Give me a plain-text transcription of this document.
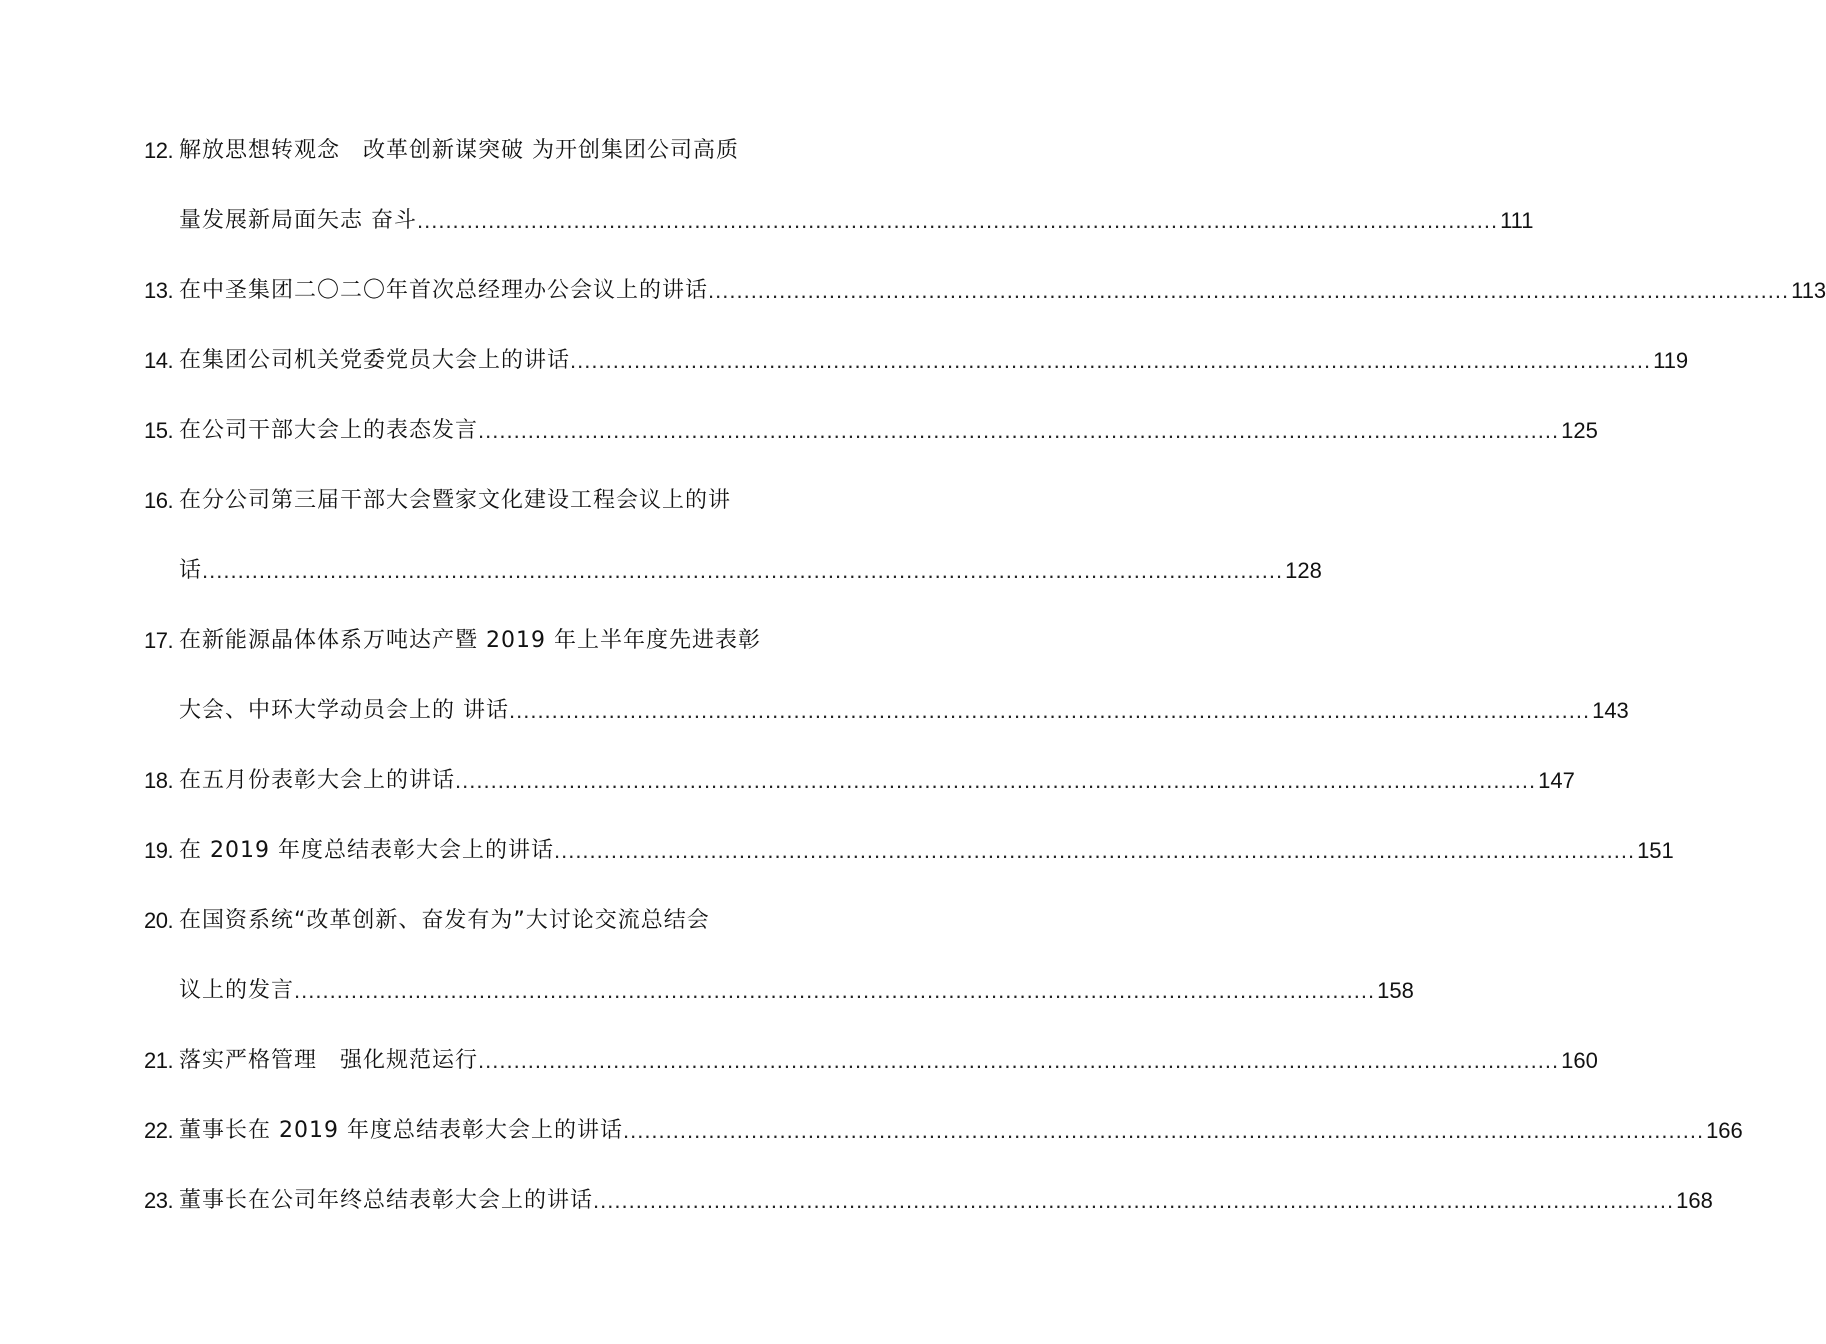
12. 解放思想转观念　改革创新谋突破 为开创集团公司高质
量发展新局面矢志 奋斗 .....	111
13. 在中圣集团二〇二〇年首次总经理办公会议上的讲话 .....	113
14. 在集团公司机关党委党员大会上的讲话 .....	119
15. 在公司干部大会上的表态发言 .....	125
16. 在分公司第三届干部大会暨家文化建设工程会议上的讲
话 .....	128
17. 在新能源晶体体系万吨达产暨 2019 年上半年度先进表彰
大会、中环大学动员会上的 讲话 .....	143
18. 在五月份表彰大会上的讲话 .....	147
19. 在 2019 年度总结表彰大会上的讲话 .....	151
20. 在国资系统“改革创新、奋发有为”大讨论交流总结会
议上的发言 .....	158
21. 落实严格管理　强化规范运行 .....	160
22. 董事长在 2019 年度总结表彰大会上的讲话 .....	166
23. 董事长在公司年终总结表彰大会上的讲话 .....	168
